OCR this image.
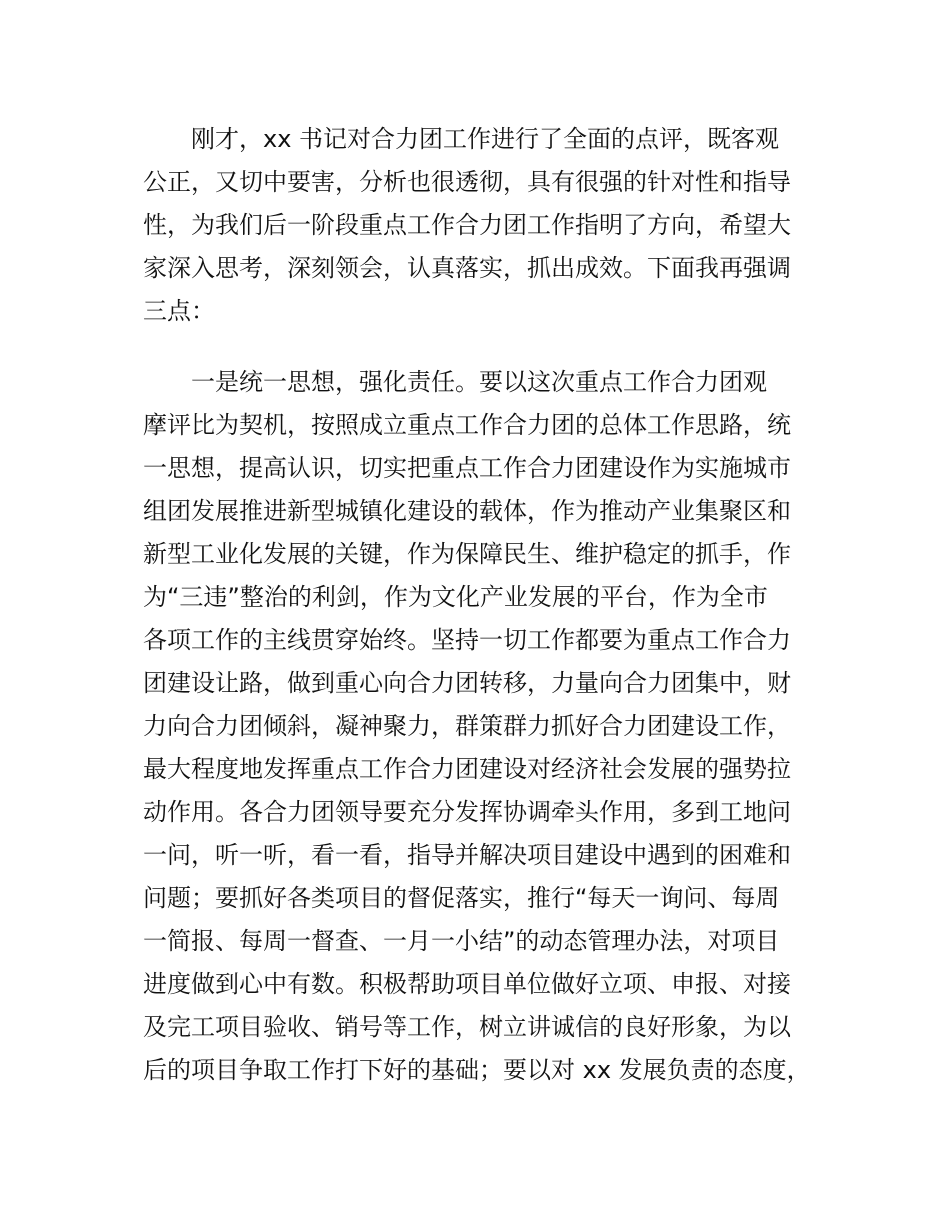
刚才，xx 书记对合力团工作进行了全面的点评，既客观
公正，又切中要害，分析也很透彻，具有很强的针对性和指导
性，为我们后一阶段重点工作合力团工作指明了方向，希望大
家深入思考，深刻领会，认真落实，抓出成效。下面我再强调
三点：
一是统一思想，强化责任。要以这次重点工作合力团观
摩评比为契机，按照成立重点工作合力团的总体工作思路，统
一思想，提高认识，切实把重点工作合力团建设作为实施城市
组团发展推进新型城镇化建设的载体，作为推动产业集聚区和
新型工业化发展的关键，作为保障民生、维护稳定的抓手，作
为“三违”整治的利剑，作为文化产业发展的平台，作为全市
各项工作的主线贯穿始终。坚持一切工作都要为重点工作合力
团建设让路，做到重心向合力团转移，力量向合力团集中，财
力向合力团倾斜，凝神聚力，群策群力抓好合力团建设工作，
最大程度地发挥重点工作合力团建设对经济社会发展的强势拉
动作用。各合力团领导要充分发挥协调牵头作用，多到工地问
一问，听一听，看一看，指导并解决项目建设中遇到的困难和
问题；要抓好各类项目的督促落实，推行“每天一询问、每周
一简报、每周一督查、一月一小结”的动态管理办法，对项目
进度做到心中有数。积极帮助项目单位做好立项、申报、对接
及完工项目验收、销号等工作，树立讲诚信的良好形象，为以
后的项目争取工作打下好的基础；要以对 xx 发展负责的态度，
